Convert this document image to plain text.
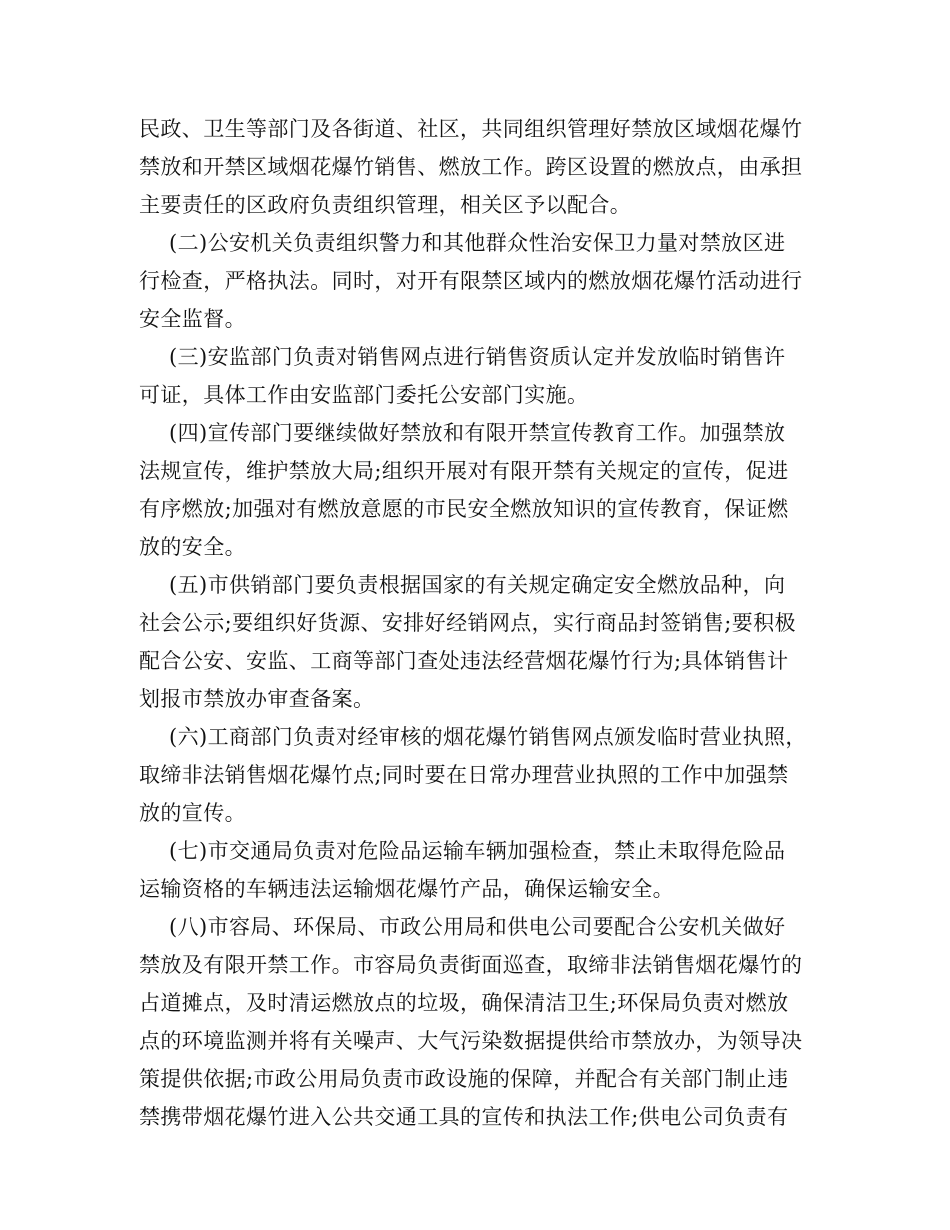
民政、卫生等部门及各街道、社区，共同组织管理好禁放区域烟花爆竹
禁放和开禁区域烟花爆竹销售、燃放工作。跨区设置的燃放点，由承担
主要责任的区政府负责组织管理，相关区予以配合。
(二)公安机关负责组织警力和其他群众性治安保卫力量对禁放区进
行检查，严格执法。同时，对开有限禁区域内的燃放烟花爆竹活动进行
安全监督。
(三)安监部门负责对销售网点进行销售资质认定并发放临时销售许
可证，具体工作由安监部门委托公安部门实施。
(四)宣传部门要继续做好禁放和有限开禁宣传教育工作。加强禁放
法规宣传，维护禁放大局;组织开展对有限开禁有关规定的宣传，促进
有序燃放;加强对有燃放意愿的市民安全燃放知识的宣传教育，保证燃
放的安全。
(五)市供销部门要负责根据国家的有关规定确定安全燃放品种，向
社会公示;要组织好货源、安排好经销网点，实行商品封签销售;要积极
配合公安、安监、工商等部门查处违法经营烟花爆竹行为;具体销售计
划报市禁放办审查备案。
(六)工商部门负责对经审核的烟花爆竹销售网点颁发临时营业执照，
取缔非法销售烟花爆竹点;同时要在日常办理营业执照的工作中加强禁
放的宣传。
(七)市交通局负责对危险品运输车辆加强检查，禁止未取得危险品
运输资格的车辆违法运输烟花爆竹产品，确保运输安全。
(八)市容局、环保局、市政公用局和供电公司要配合公安机关做好
禁放及有限开禁工作。市容局负责街面巡查，取缔非法销售烟花爆竹的
占道摊点，及时清运燃放点的垃圾，确保清洁卫生;环保局负责对燃放
点的环境监测并将有关噪声、大气污染数据提供给市禁放办，为领导决
策提供依据;市政公用局负责市政设施的保障，并配合有关部门制止违
禁携带烟花爆竹进入公共交通工具的宣传和执法工作;供电公司负责有
